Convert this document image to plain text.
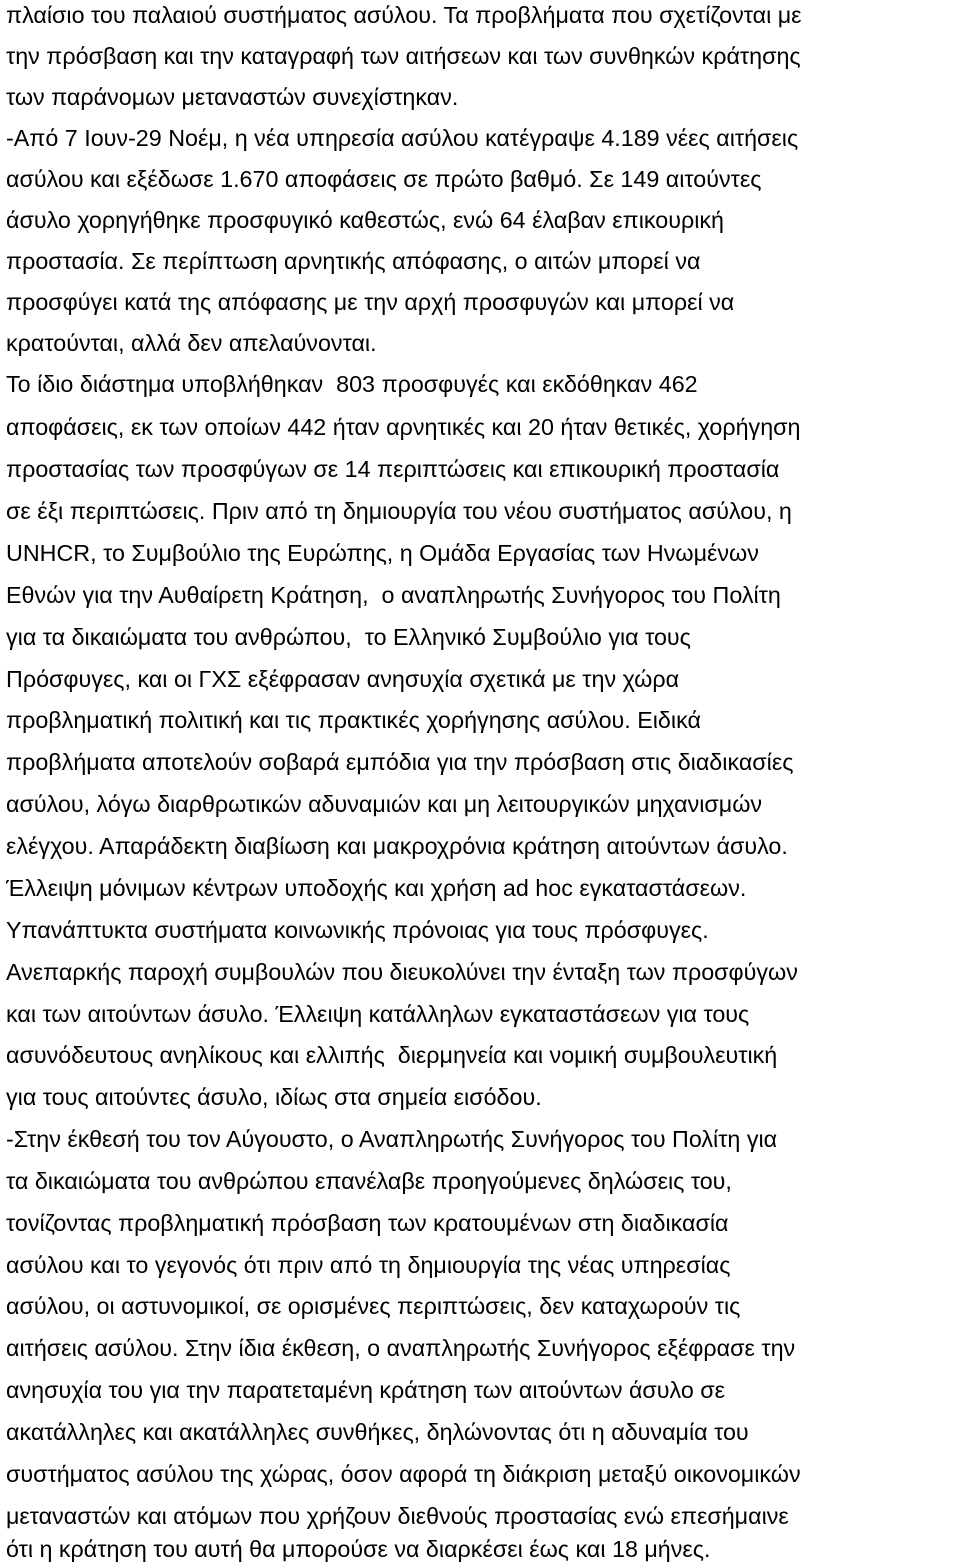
πλαίσιο του παλαιού συστήματος ασύλου. Τα προβλήματα που σχετίζονται με
την πρόσβαση και την καταγραφή των αιτήσεων και των συνθηκών κράτησης
των παράνομων μεταναστών συνεχίστηκαν.
-Από 7 Ιουν-29 Νοέμ, η νέα υπηρεσία ασύλου κατέγραψε 4.189 νέες αιτήσεις
ασύλου και εξέδωσε 1.670 αποφάσεις σε πρώτο βαθμό. Σε 149 αιτούντες
άσυλο χορηγήθηκε προσφυγικό καθεστώς, ενώ 64 έλαβαν επικουρική
προστασία. Σε περίπτωση αρνητικής απόφασης, ο αιτών μπορεί να
προσφύγει κατά της απόφασης με την αρχή προσφυγών και μπορεί να
κρατούνται, αλλά δεν απελαύνονται.
Το ίδιο διάστημα υποβλήθηκαν  803 προσφυγές και εκδόθηκαν 462
αποφάσεις, εκ των οποίων 442 ήταν αρνητικές και 20 ήταν θετικές, χορήγηση
προστασίας των προσφύγων σε 14 περιπτώσεις και επικουρική προστασία
σε έξι περιπτώσεις. Πριν από τη δημιουργία του νέου συστήματος ασύλου, η
UNHCR, το Συμβούλιο της Ευρώπης, η Ομάδα Εργασίας των Ηνωμένων
Εθνών για την Αυθαίρετη Κράτηση,  ο αναπληρωτής Συνήγορος του Πολίτη
για τα δικαιώματα του ανθρώπου,  το Ελληνικό Συμβούλιο για τους
Πρόσφυγες, και οι ΓΧΣ εξέφρασαν ανησυχία σχετικά με την χώρα
προβληματική πολιτική και τις πρακτικές χορήγησης ασύλου. Ειδικά
προβλήματα αποτελούν σοβαρά εμπόδια για την πρόσβαση στις διαδικασίες
ασύλου, λόγω διαρθρωτικών αδυναμιών και μη λειτουργικών μηχανισμών
ελέγχου. Απαράδεκτη διαβίωση και μακροχρόνια κράτηση αιτούντων άσυλο.
Έλλειψη μόνιμων κέντρων υποδοχής και χρήση ad hoc εγκαταστάσεων.
Υπανάπτυκτα συστήματα κοινωνικής πρόνοιας για τους πρόσφυγες.
Ανεπαρκής παροχή συμβουλών που διευκολύνει την ένταξη των προσφύγων
και των αιτούντων άσυλο. Έλλειψη κατάλληλων εγκαταστάσεων για τους
ασυνόδευτους ανηλίκους και ελλιπής  διερμηνεία και νομική συμβουλευτική
για τους αιτούντες άσυλο, ιδίως στα σημεία εισόδου.
-Στην έκθεσή του τον Αύγουστο, ο Αναπληρωτής Συνήγορος του Πολίτη για
τα δικαιώματα του ανθρώπου επανέλαβε προηγούμενες δηλώσεις του,
τονίζοντας προβληματική πρόσβαση των κρατουμένων στη διαδικασία
ασύλου και το γεγονός ότι πριν από τη δημιουργία της νέας υπηρεσίας
ασύλου, οι αστυνομικοί, σε ορισμένες περιπτώσεις, δεν καταχωρούν τις
αιτήσεις ασύλου. Στην ίδια έκθεση, ο αναπληρωτής Συνήγορος εξέφρασε την
ανησυχία του για την παρατεταμένη κράτηση των αιτούντων άσυλο σε
ακατάλληλες και ακατάλληλες συνθήκες, δηλώνοντας ότι η αδυναμία του
συστήματος ασύλου της χώρας, όσον αφορά τη διάκριση μεταξύ οικονομικών
μεταναστών και ατόμων που χρήζουν διεθνούς προστασίας ενώ επεσήμαινε
ότι η κράτηση του αυτή θα μπορούσε να διαρκέσει έως και 18 μήνες.
